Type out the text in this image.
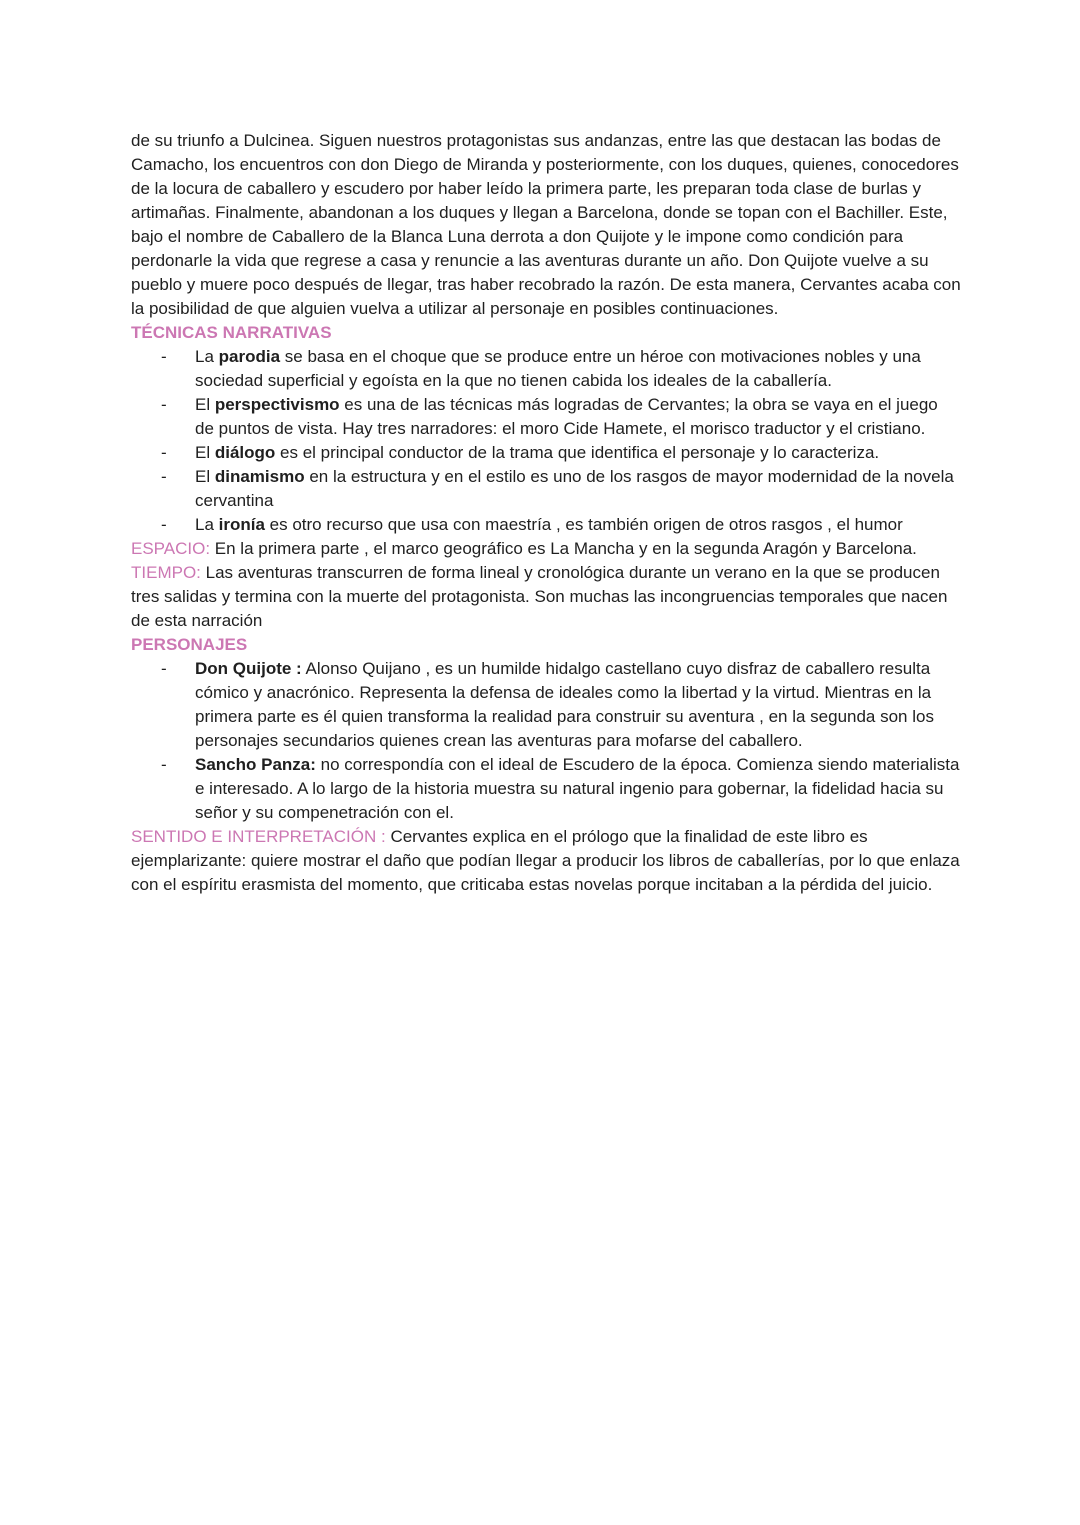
de su triunfo a Dulcinea. Siguen nuestros protagonistas sus andanzas, entre las que destacan las bodas de Camacho, los encuentros con don Diego de Miranda y posteriormente, con los duques, quienes, conocedores de la locura de caballero y escudero por haber leído la primera parte, les preparan toda clase de burlas y artimañas. Finalmente, abandonan a los duques y llegan a Barcelona, donde se topan con el Bachiller. Este, bajo el nombre de Caballero de la Blanca Luna derrota a don Quijote y le impone como condición para perdonarle la vida que regrese a casa y renuncie a las aventuras durante un año. Don Quijote vuelve a su pueblo y muere poco después de llegar, tras haber recobrado la razón. De esta manera, Cervantes acaba con la posibilidad de que alguien vuelva a utilizar al personaje en posibles continuaciones.

TÉCNICAS NARRATIVAS

- La parodia se basa en el choque que se produce entre un héroe con motivaciones nobles y una sociedad superficial y egoísta en la que no tienen cabida los ideales de la caballería.
- El perspectivismo es una de las técnicas más logradas de Cervantes; la obra se vaya en el juego de puntos de vista. Hay tres narradores: el moro Cide Hamete, el morisco traductor y el cristiano.
- El diálogo es el principal conductor de la trama que identifica el personaje y lo caracteriza.
- El dinamismo en la estructura y en el estilo es uno de los rasgos de mayor modernidad de la novela cervantina
- La ironía es otro recurso que usa con maestría , es también origen de otros rasgos , el humor

ESPACIO: En la primera parte , el marco geográfico es La Mancha y en la segunda Aragón y Barcelona.

TIEMPO: Las aventuras transcurren de forma lineal y cronológica durante un verano en la que se producen tres salidas y termina con la muerte del protagonista. Son muchas las incongruencias temporales que nacen de esta narración

PERSONAJES

- Don Quijote : Alonso Quijano , es un humilde hidalgo castellano cuyo disfraz de caballero resulta cómico y anacrónico. Representa la defensa de ideales como la libertad y la virtud. Mientras en la primera parte es él quien transforma la realidad para construir su aventura , en la segunda son los personajes secundarios quienes crean las aventuras para mofarse del caballero.
- Sancho Panza: no correspondía con el ideal de Escudero de la época. Comienza siendo materialista e interesado. A lo largo de la historia muestra su natural ingenio para gobernar, la fidelidad hacia su señor y su compenetración con el.

SENTIDO E INTERPRETACIÓN : Cervantes explica en el prólogo que la finalidad de este libro es ejemplarizante: quiere mostrar el daño que podían llegar a producir los libros de caballerías, por lo que enlaza con el espíritu erasmista del momento, que criticaba estas novelas porque incitaban a la pérdida del juicio.
